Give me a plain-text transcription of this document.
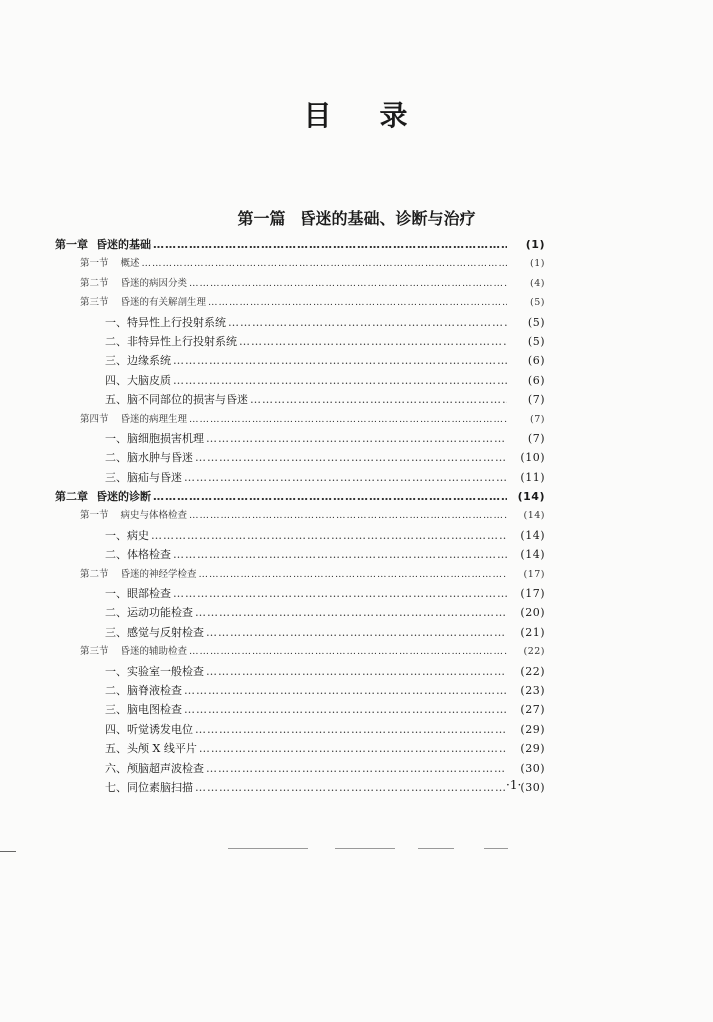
目 录
第一篇 昏迷的基础、诊断与治疗
第一章 昏迷的基础 ……………………………………………………………………………………………………………………………………………………………………………	(1)
第一节 概述 ……………………………………………………………………………………………………………………………………………………………………………	(1)
第二节 昏迷的病因分类 ……………………………………………………………………………………………………………………………………………………………………………	(4)
第三节 昏迷的有关解剖生理 ……………………………………………………………………………………………………………………………………………………………………………	(5)
一、特异性上行投射系统 ……………………………………………………………………………………………………………………………………………………………………………	(5)
二、非特异性上行投射系统 ……………………………………………………………………………………………………………………………………………………………………………	(5)
三、边缘系统 ……………………………………………………………………………………………………………………………………………………………………………	(6)
四、大脑皮质 ……………………………………………………………………………………………………………………………………………………………………………	(6)
五、脑不同部位的损害与昏迷 ……………………………………………………………………………………………………………………………………………………………………………	(7)
第四节 昏迷的病理生理 ……………………………………………………………………………………………………………………………………………………………………………	(7)
一、脑细胞损害机理 ……………………………………………………………………………………………………………………………………………………………………………	(7)
二、脑水肿与昏迷 ……………………………………………………………………………………………………………………………………………………………………………	(10)
三、脑疝与昏迷 ……………………………………………………………………………………………………………………………………………………………………………	(11)
第二章 昏迷的诊断 ……………………………………………………………………………………………………………………………………………………………………………	(14)
第一节 病史与体格检查 ……………………………………………………………………………………………………………………………………………………………………………	(14)
一、病史 ……………………………………………………………………………………………………………………………………………………………………………	(14)
二、体格检查 ……………………………………………………………………………………………………………………………………………………………………………	(14)
第二节 昏迷的神经学检查 ……………………………………………………………………………………………………………………………………………………………………………	(17)
一、眼部检查 ……………………………………………………………………………………………………………………………………………………………………………	(17)
二、运动功能检查 ……………………………………………………………………………………………………………………………………………………………………………	(20)
三、感觉与反射检查 ……………………………………………………………………………………………………………………………………………………………………………	(21)
第三节 昏迷的辅助检查 ……………………………………………………………………………………………………………………………………………………………………………	(22)
一、实验室一般检查 ……………………………………………………………………………………………………………………………………………………………………………	(22)
二、脑脊液检查 ……………………………………………………………………………………………………………………………………………………………………………	(23)
三、脑电图检查 ……………………………………………………………………………………………………………………………………………………………………………	(27)
四、听觉诱发电位 ……………………………………………………………………………………………………………………………………………………………………………	(29)
五、头颅 X 线平片 ……………………………………………………………………………………………………………………………………………………………………………	(29)
六、颅脑超声波检查 ……………………………………………………………………………………………………………………………………………………………………………	(30)
七、同位素脑扫描 ……………………………………………………………………………………………………………………………………………………………………………	(30)
·1·
